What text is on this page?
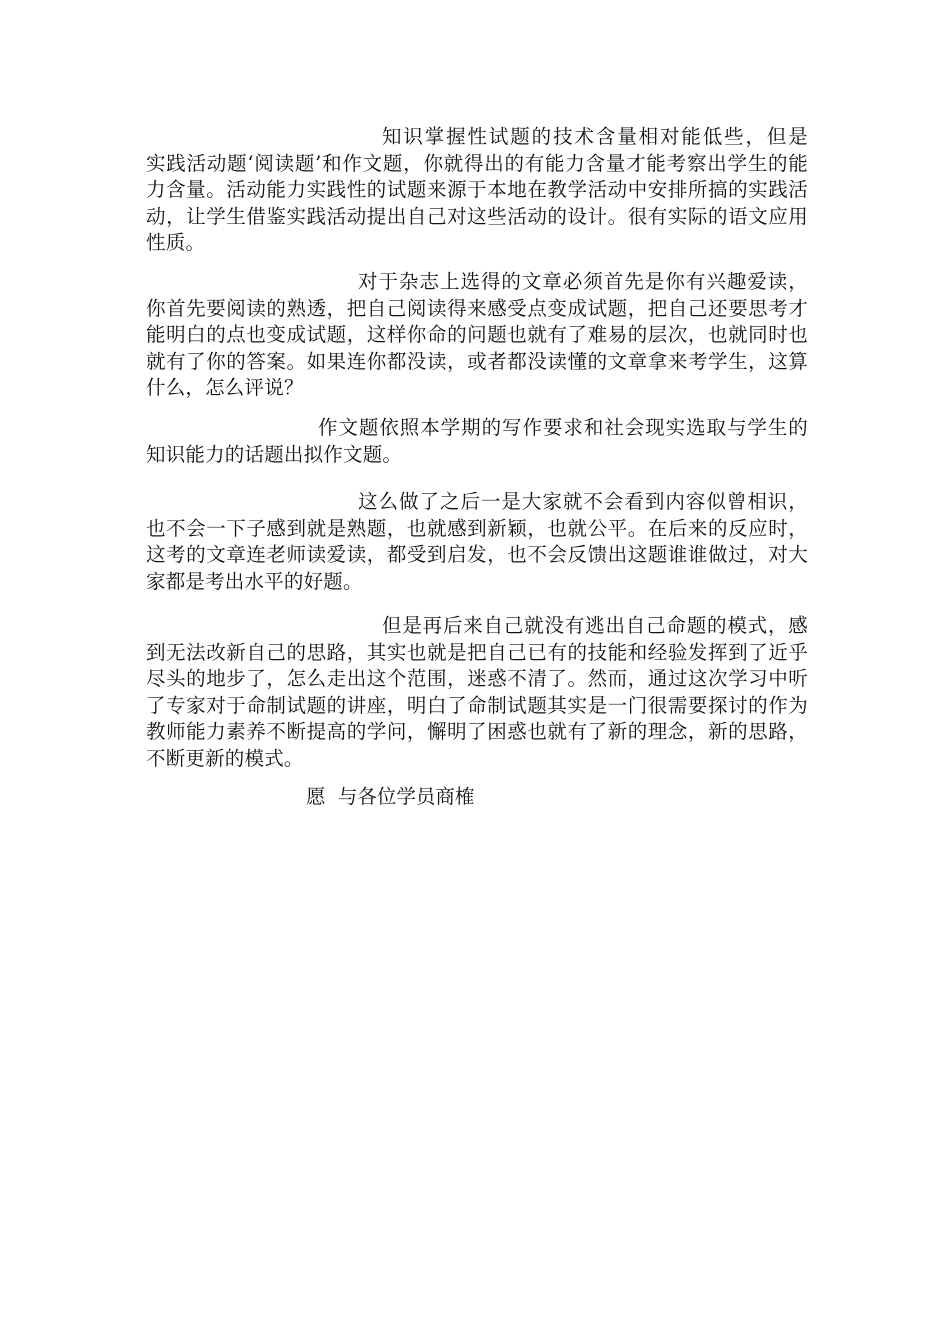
知识掌握性试题的技术含量相对能低些，但是　实践活动题‘阅读题’和作文题，你就得出的有能力含量才能考察出学生的能力含量。活动能力实践性的试题来源于本地在教学活动中安排所搞的实践活动，让学生借鉴实践活动提出自己对这些活动的设计。很有实际的语文应用性质。

对于杂志上选得的文章必须首先是你有兴趣爱读，你首先要阅读的熟透，把自己阅读得来感受点变成试题，把自己还要思考才能明白的点也变成试题，这样你命的问题也就有了难易的层次，也就同时也就有了你的答案。如果连你都没读，或者都没读懂的文章拿来考学生，这算什么，怎么评说？

作文题依照本学期的写作要求和社会现实选取与学生的知识能力的话题出拟作文题。

这么做了之后一是大家就不会看到内容似曾相识，也不会一下子感到就是熟题，也就感到新颖，也就公平。在后来的反应时，这考的文章连老师读爱读，都受到启发，也不会反馈出这题谁谁做过，对大家都是考出水平的好题。

但是再后来自己就没有逃出自己命题的模式，感到无法改新自己的思路，其实也就是把自己已有的技能和经验发挥到了近乎尽头的地步了，怎么走出这个范围，迷惑不清了。然而，通过这次学习中听了专家对于命制试题的讲座，明白了命制试题其实是一门很需要探讨的作为教师能力素养不断提高的学问，懈明了困惑也就有了新的理念，新的思路，不断更新的模式。

愿  与各位学员商榷
